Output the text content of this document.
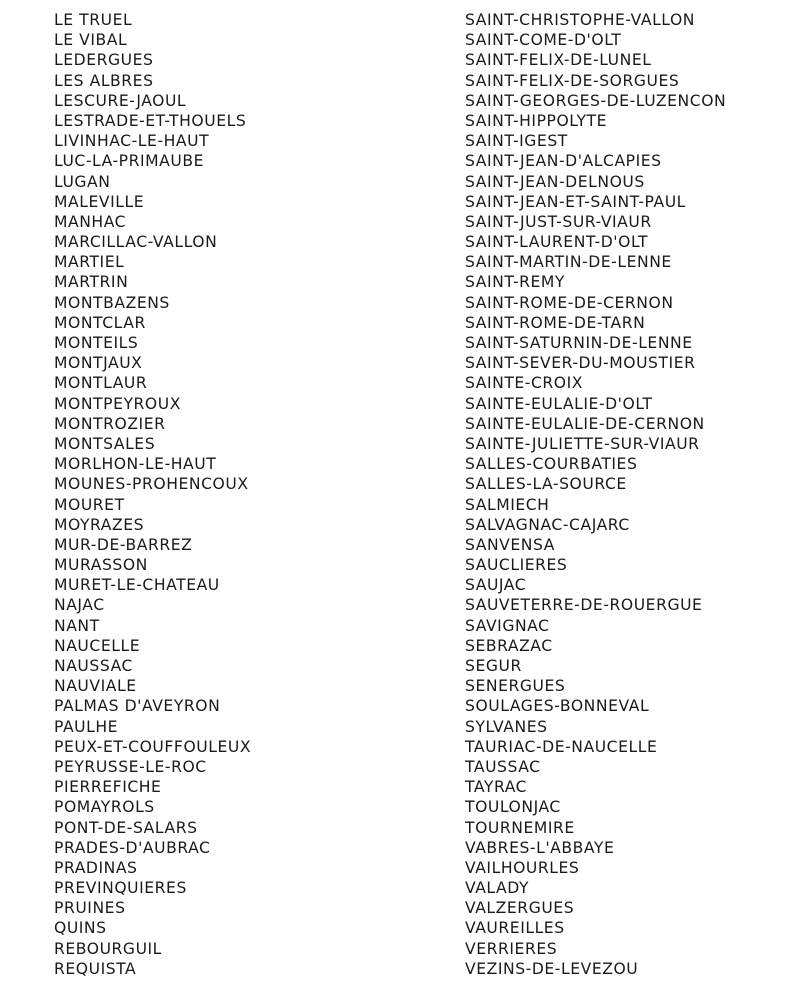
LE TRUEL
LE VIBAL
LEDERGUES
LES ALBRES
LESCURE-JAOUL
LESTRADE-ET-THOUELS
LIVINHAC-LE-HAUT
LUC-LA-PRIMAUBE
LUGAN
MALEVILLE
MANHAC
MARCILLAC-VALLON
MARTIEL
MARTRIN
MONTBAZENS
MONTCLAR
MONTEILS
MONTJAUX
MONTLAUR
MONTPEYROUX
MONTROZIER
MONTSALES
MORLHON-LE-HAUT
MOUNES-PROHENCOUX
MOURET
MOYRAZES
MUR-DE-BARREZ
MURASSON
MURET-LE-CHATEAU
NAJAC
NANT
NAUCELLE
NAUSSAC
NAUVIALE
PALMAS D'AVEYRON
PAULHE
PEUX-ET-COUFFOULEUX
PEYRUSSE-LE-ROC
PIERREFICHE
POMAYROLS
PONT-DE-SALARS
PRADES-D'AUBRAC
PRADINAS
PREVINQUIERES
PRUINES
QUINS
REBOURGUIL
REQUISTA
SAINT-CHRISTOPHE-VALLON
SAINT-COME-D'OLT
SAINT-FELIX-DE-LUNEL
SAINT-FELIX-DE-SORGUES
SAINT-GEORGES-DE-LUZENCON
SAINT-HIPPOLYTE
SAINT-IGEST
SAINT-JEAN-D'ALCAPIES
SAINT-JEAN-DELNOUS
SAINT-JEAN-ET-SAINT-PAUL
SAINT-JUST-SUR-VIAUR
SAINT-LAURENT-D'OLT
SAINT-MARTIN-DE-LENNE
SAINT-REMY
SAINT-ROME-DE-CERNON
SAINT-ROME-DE-TARN
SAINT-SATURNIN-DE-LENNE
SAINT-SEVER-DU-MOUSTIER
SAINTE-CROIX
SAINTE-EULALIE-D'OLT
SAINTE-EULALIE-DE-CERNON
SAINTE-JULIETTE-SUR-VIAUR
SALLES-COURBATIES
SALLES-LA-SOURCE
SALMIECH
SALVAGNAC-CAJARC
SANVENSA
SAUCLIERES
SAUJAC
SAUVETERRE-DE-ROUERGUE
SAVIGNAC
SEBRAZAC
SEGUR
SENERGUES
SOULAGES-BONNEVAL
SYLVANES
TAURIAC-DE-NAUCELLE
TAUSSAC
TAYRAC
TOULONJAC
TOURNEMIRE
VABRES-L'ABBAYE
VAILHOURLES
VALADY
VALZERGUES
VAUREILLES
VERRIERES
VEZINS-DE-LEVEZOU
